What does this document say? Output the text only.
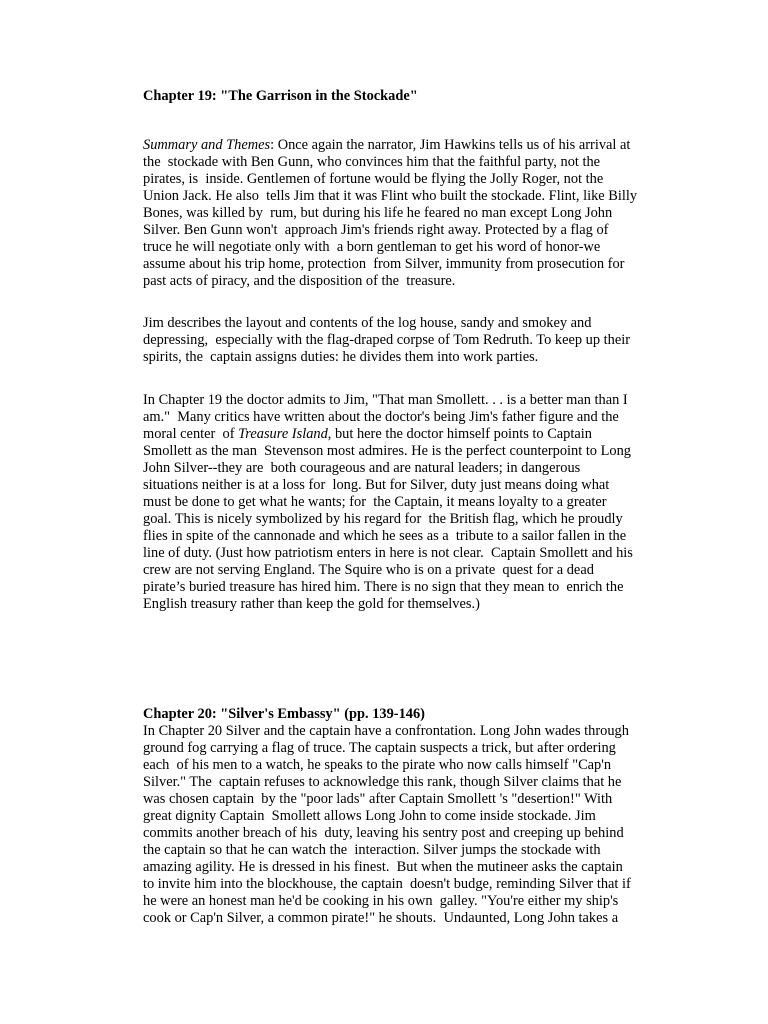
Chapter 19: "The Garrison in the Stockade"
Summary and Themes: Once again the narrator, Jim Hawkins tells us of his arrival at
the  stockade with Ben Gunn, who convinces him that the faithful party, not the
pirates, is  inside. Gentlemen of fortune would be flying the Jolly Roger, not the
Union Jack. He also  tells Jim that it was Flint who built the stockade. Flint, like Billy
Bones, was killed by  rum, but during his life he feared no man except Long John
Silver. Ben Gunn won't  approach Jim's friends right away. Protected by a flag of
truce he will negotiate only with  a born gentleman to get his word of honor-we
assume about his trip home, protection  from Silver, immunity from prosecution for
past acts of piracy, and the disposition of the  treasure.
Jim describes the layout and contents of the log house, sandy and smokey and
depressing,  especially with the flag-draped corpse of Tom Redruth. To keep up their
spirits, the  captain assigns duties: he divides them into work parties.
In Chapter 19 the doctor admits to Jim, "That man Smollett. . . is a better man than I
am."  Many critics have written about the doctor's being Jim's father figure and the
moral center  of Treasure Island, but here the doctor himself points to Captain
Smollett as the man  Stevenson most admires. He is the perfect counterpoint to Long
John Silver--they are  both courageous and are natural leaders; in dangerous
situations neither is at a loss for  long. But for Silver, duty just means doing what
must be done to get what he wants; for  the Captain, it means loyalty to a greater
goal. This is nicely symbolized by his regard for  the British flag, which he proudly
flies in spite of the cannonade and which he sees as a  tribute to a sailor fallen in the
line of duty. (Just how patriotism enters in here is not clear.  Captain Smollett and his
crew are not serving England. The Squire who is on a private  quest for a dead
pirate’s buried treasure has hired him. There is no sign that they mean to  enrich the
English treasury rather than keep the gold for themselves.)
Chapter 20: "Silver's Embassy" (pp. 139-146)
In Chapter 20 Silver and the captain have a confrontation. Long John wades through
ground fog carrying a flag of truce. The captain suspects a trick, but after ordering
each  of his men to a watch, he speaks to the pirate who now calls himself "Cap'n
Silver." The  captain refuses to acknowledge this rank, though Silver claims that he
was chosen captain  by the "poor lads" after Captain Smollett 's "desertion!" With
great dignity Captain  Smollett allows Long John to come inside stockade. Jim
commits another breach of his  duty, leaving his sentry post and creeping up behind
the captain so that he can watch the  interaction. Silver jumps the stockade with
amazing agility. He is dressed in his finest.  But when the mutineer asks the captain
to invite him into the blockhouse, the captain  doesn't budge, reminding Silver that if
he were an honest man he'd be cooking in his own  galley. "You're either my ship's
cook or Cap'n Silver, a common pirate!" he shouts.  Undaunted, Long John takes a
